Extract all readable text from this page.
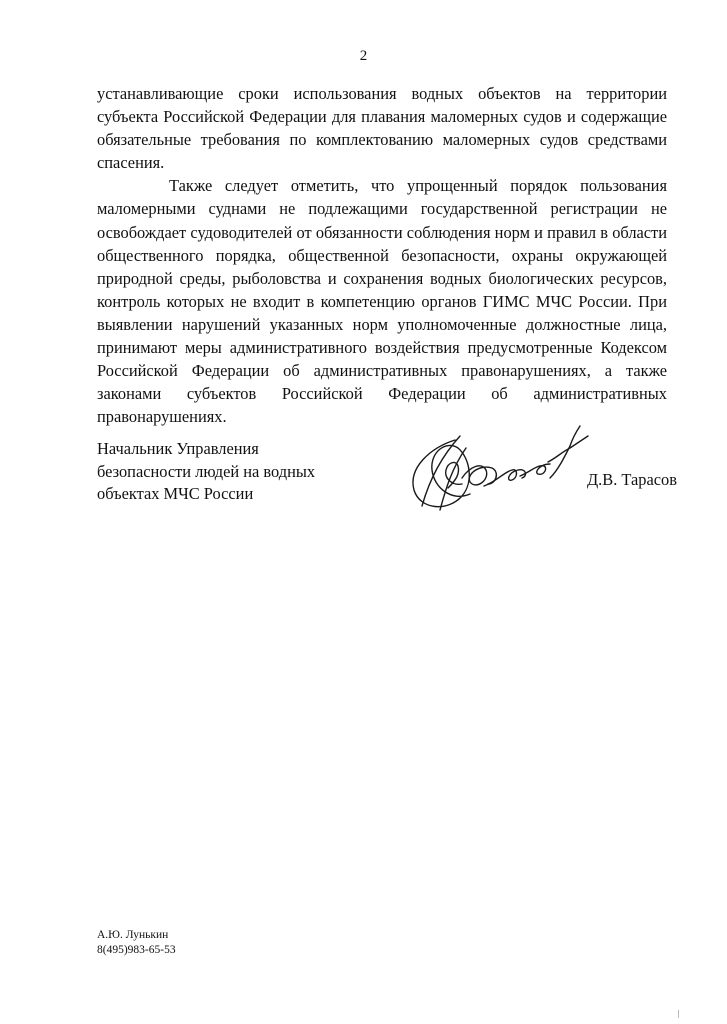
2

устанавливающие сроки использования водных объектов на территории субъекта Российской Федерации для плавания маломерных судов и содержащие обязательные требования по комплектованию маломерных судов средствами спасения.

Также следует отметить, что упрощенный порядок пользования маломерными суднами не подлежащими государственной регистрации не освобождает судоводителей от обязанности соблюдения норм и правил в области общественного порядка, общественной безопасности, охраны окружающей природной среды, рыболовства и сохранения водных биологических ресурсов, контроль которых не входит в компетенцию органов ГИМС МЧС России. При выявлении нарушений указанных норм уполномоченные должностные лица, принимают меры административного воздействия предусмотренные Кодексом Российской Федерации об административных правонарушениях, а также законами субъектов Российской Федерации об административных правонарушениях.

Начальник Управления
безопасности людей на водных
объектах МЧС России
Д.В. Тарасов
А.Ю. Лунькин
8(495)983-65-53
